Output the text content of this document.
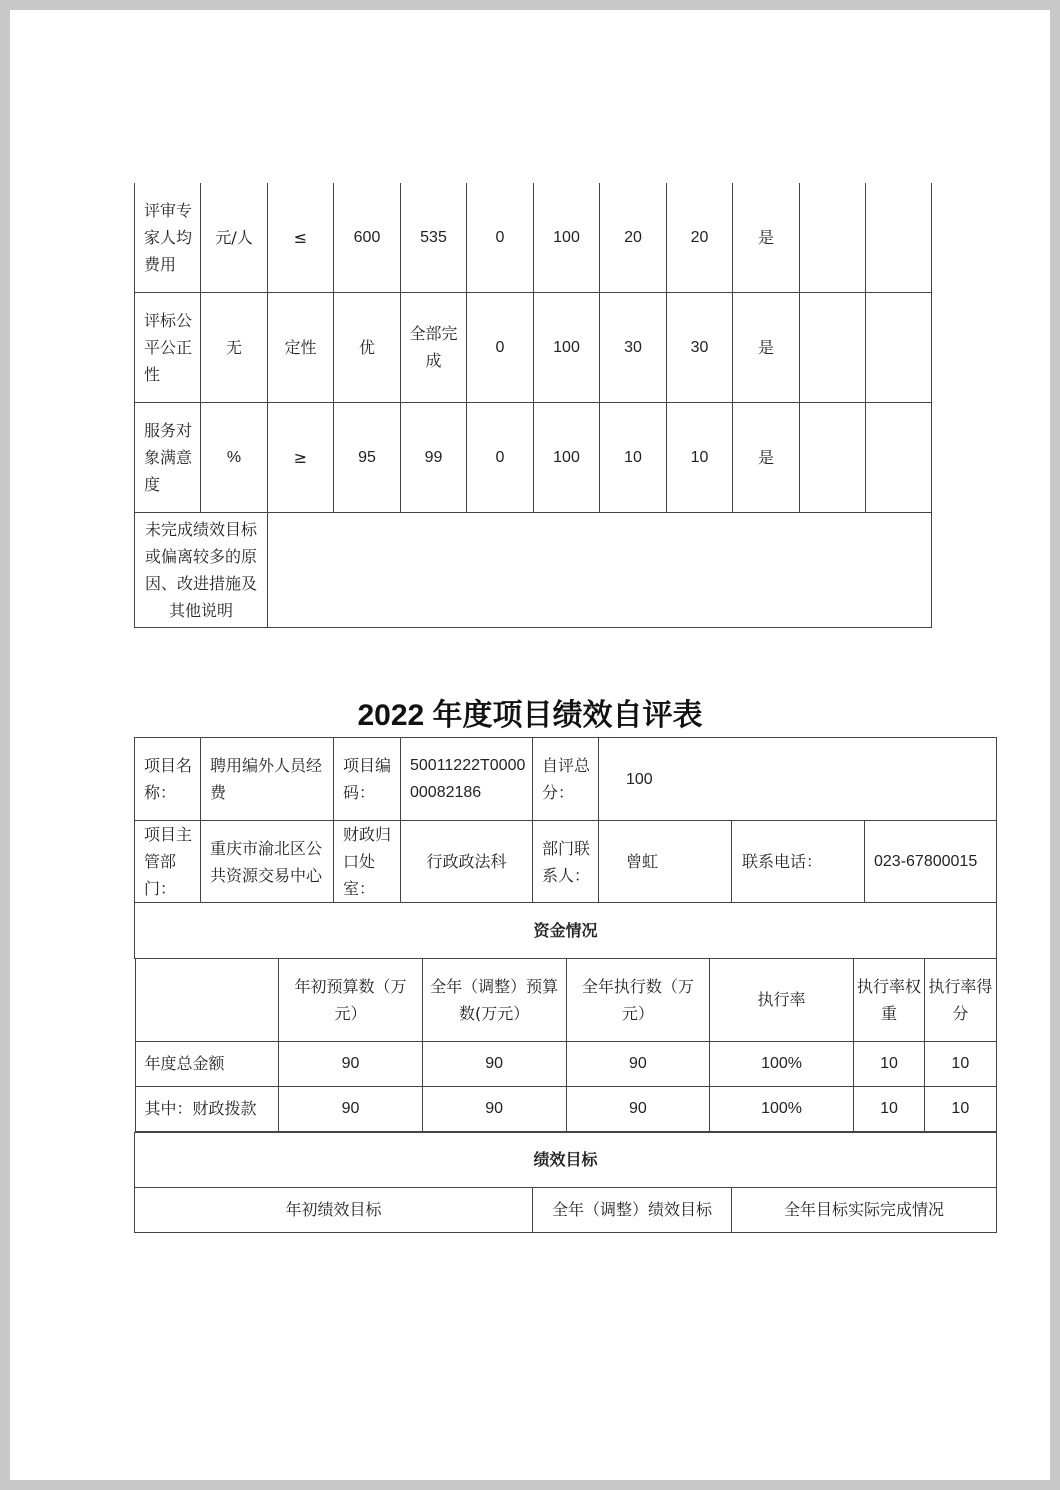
评审专家人均费用	元/人	≤	600	535	0	100	20	20	是		
评标公平公正性	无	定性	优	全部完成	0	100	30	30	是		
服务对象满意度	%	≥	95	99	0	100	10	10	是		
未完成绩效目标或偏离较多的原因、改进措施及其他说明											
2022 年度项目绩效自评表
项目名称：	聘用编外人员经费	项目编码：	50011222T000000082186	自评总分：	100
项目主管部门：	重庆市渝北区公共资源交易中心	财政归口处室：	行政政法科	部门联系人：	曾虹	联系电话：	023-67800015
资金情况

	年初预算数（万元）	全年（调整）预算数(万元）	全年执行数（万元）	执行率	执行率权重	执行率得分
年度总金额	90	90	90	100%	10	10
其中：财政拨款	90	90	90	100%	10	10

绩效目标
年初绩效目标	全年（调整）绩效目标	全年目标实际完成情况
